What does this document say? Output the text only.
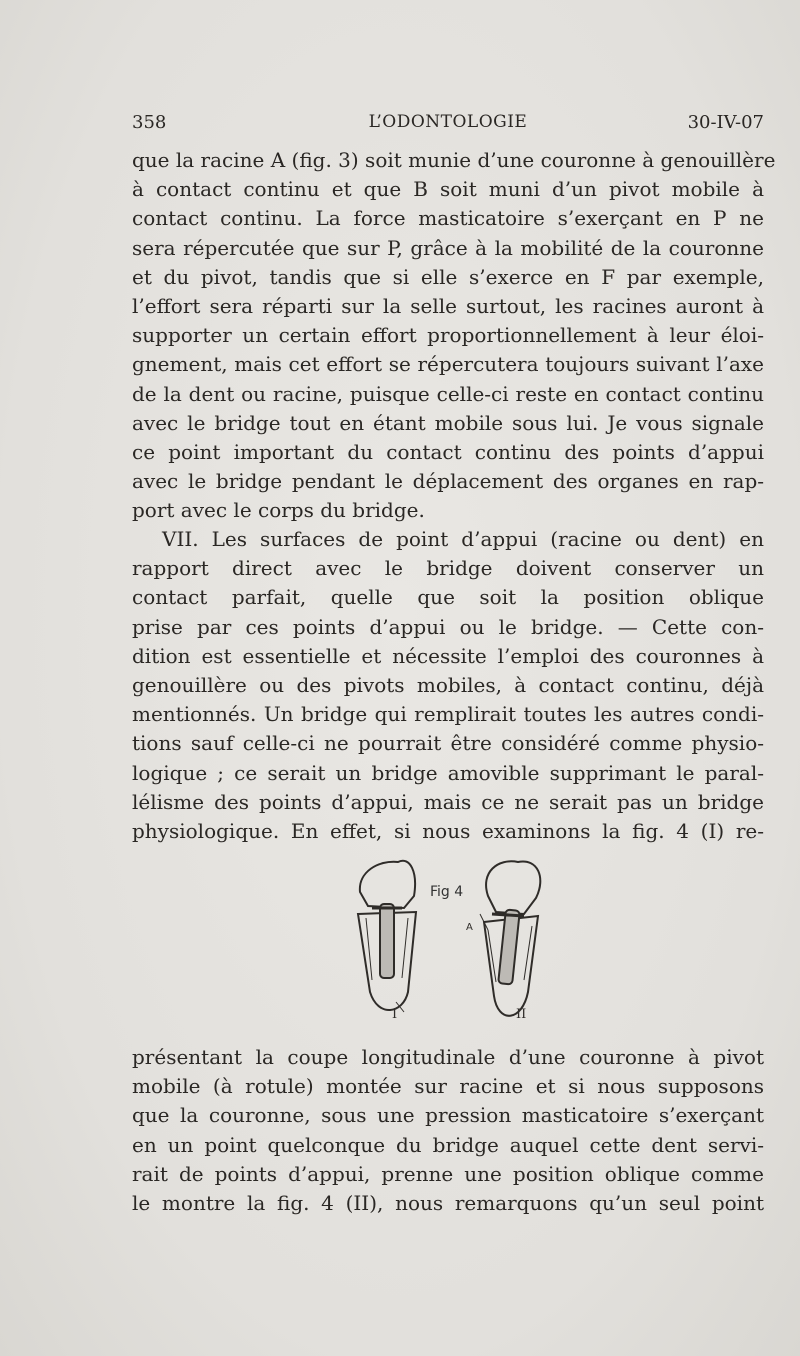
358	L’ODONTOLOGIE	30-IV-07
que la racine A (fig. 3) soit munie d’une couronne à genouillère
à contact continu et que B soit muni d’un pivot mobile à
contact continu. La force masticatoire s’exerçant en P ne
sera répercutée que sur P, grâce à la mobilité de la couronne
et du pivot, tandis que si elle s’exerce en F par exemple,
l’effort sera réparti sur la selle surtout, les racines auront à
supporter un certain effort proportionnellement à leur éloi-
gnement, mais cet effort se répercutera toujours suivant l’axe
de la dent ou racine, puisque celle-ci reste en contact continu
avec le bridge tout en étant mobile sous lui. Je vous signale
ce point important du contact continu des points d’appui
avec le bridge pendant le déplacement des organes en rap-
port avec le corps du bridge.
VII. Les surfaces de point d’appui (racine ou dent) en
rapport direct avec le bridge doivent conserver un
contact parfait, quelle que soit la position oblique
prise par ces points d’appui ou le bridge. — Cette con-
dition est essentielle et nécessite l’emploi des couronnes à
genouillère ou des pivots mobiles, à contact continu, déjà
mentionnés. Un bridge qui remplirait toutes les autres condi-
tions sauf celle-ci ne pourrait être considéré comme physio-
logique ; ce serait un bridge amovible supprimant le paral-
lélisme des points d’appui, mais ce ne serait pas un bridge
physiologique. En effet, si nous examinons la fig. 4 (I) re-
I	II
A
Fig 4
présentant la coupe longitudinale d’une couronne à pivot
mobile (à rotule) montée sur racine et si nous supposons
que la couronne, sous une pression masticatoire s’exerçant
en un point quelconque du bridge auquel cette dent servi-
rait de points d’appui, prenne une position oblique comme
le montre la fig. 4 (II), nous remarquons qu’un seul point
